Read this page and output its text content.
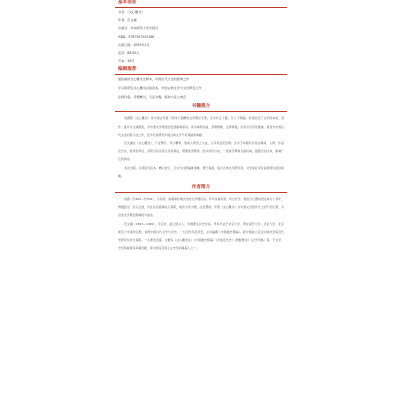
基本信息
书名：《文心雕龙》
作者：范文澜
出版社：华东师范大学出版社
ISBN：9787567529188
出版日期：2009年1月
定价：88.00元
开本：16开
编辑推荐
最权威的文心雕龙注释本，中国古代文论的经典之作
学习和研究文心雕龙必备读本，中国古典文学与文论研究之作
注释详备，考据精当，引证丰赡，堪称大家之典范
书籍简介

刘勰著《文心雕龙》是中国古代第一部体大思精的文学理论专著，全书共五十篇，分上下两编，系统论述了文学的本质、创作、批评与文体源流，对中国文学理论的发展影响深远。其书体例完备，条理明晰，文辞骈俪，历来为学者所推重，被誉为中国古代文论的集大成之作，至今仍是研究中国古典文学不可或缺的典籍。

范文澜注《文心雕龙》，广征博引，考订精审，集前人研究之大成，又多有创见发明。注中于每篇所涉及的典故、人物、作品及史实，皆详加考证，并附引有关原文以资参证，极便读者研读。此书问世以来，一直被学界视为最权威、最通行的注本，影响广泛而深远。

本次出版，以原版为底本，精心校订，正文与注释编排清晰，便于查阅，适合古典文学研究者、文学爱好者及高校师生阅读收藏。

作者简介

刘勰（约465—约532），字彦和，南朝梁时期杰出的文学理论家。早年家境贫寒，笃志好学，曾依沙门僧祐居定林寺十余年，博通经论。后入仕途，历任东宫通事舍人等职，晚年出家为僧，法名慧地。所著《文心雕龙》为中国文学批评史上的不朽巨著，对后世文学理论影响极为深远。

范文澜（1893—1969），字芸台，浙江绍兴人，中国著名历史学家。早年毕业于北京大学，曾在南开大学、北京大学、北京师范大学等校任教，讲授中国古代文学与历史。一九四零年赴延安，主持编撰《中国通史简编》。新中国成立后任中国科学院近代史研究所所长等职。一生著述宏富，主要有《文心雕龙注》《中国通史简编》《中国近代史》《群经概论》《正史考略》等，于文学、史学领域皆有卓越贡献，是中国马克思主义史学的奠基人之一。
